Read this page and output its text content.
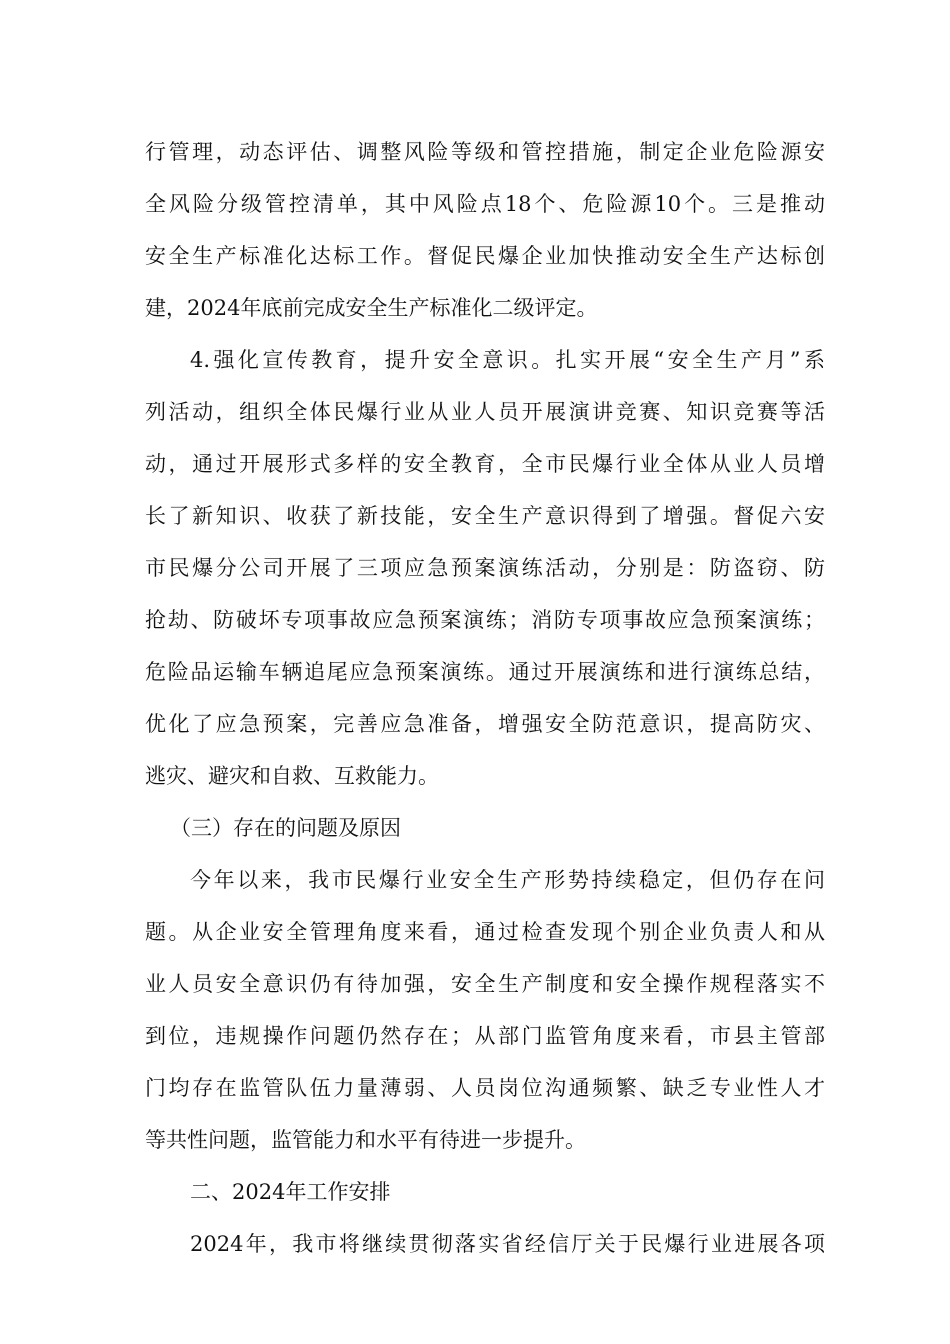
行管理，动态评估、调整风险等级和管控措施，制定企业危险源安
全风险分级管控清单，其中风险点18个、危险源10个。三是推动
安全生产标准化达标工作。督促民爆企业加快推动安全生产达标创
建，2024年底前完成安全生产标准化二级评定。
4.强化宣传教育，提升安全意识。扎实开展“安全生产月”系
列活动，组织全体民爆行业从业人员开展演讲竞赛、知识竞赛等活
动，通过开展形式多样的安全教育，全市民爆行业全体从业人员增
长了新知识、收获了新技能，安全生产意识得到了增强。督促六安
市民爆分公司开展了三项应急预案演练活动，分别是：防盗窃、防
抢劫、防破坏专项事故应急预案演练；消防专项事故应急预案演练；
危险品运输车辆追尾应急预案演练。通过开展演练和进行演练总结，
优化了应急预案，完善应急准备，增强安全防范意识，提高防灾、
逃灾、避灾和自救、互救能力。
（三）存在的问题及原因
今年以来，我市民爆行业安全生产形势持续稳定，但仍存在问
题。从企业安全管理角度来看，通过检查发现个别企业负责人和从
业人员安全意识仍有待加强，安全生产制度和安全操作规程落实不
到位，违规操作问题仍然存在；从部门监管角度来看，市县主管部
门均存在监管队伍力量薄弱、人员岗位沟通频繁、缺乏专业性人才
等共性问题，监管能力和水平有待进一步提升。
二、2024年工作安排
2024年，我市将继续贯彻落实省经信厅关于民爆行业进展各项
